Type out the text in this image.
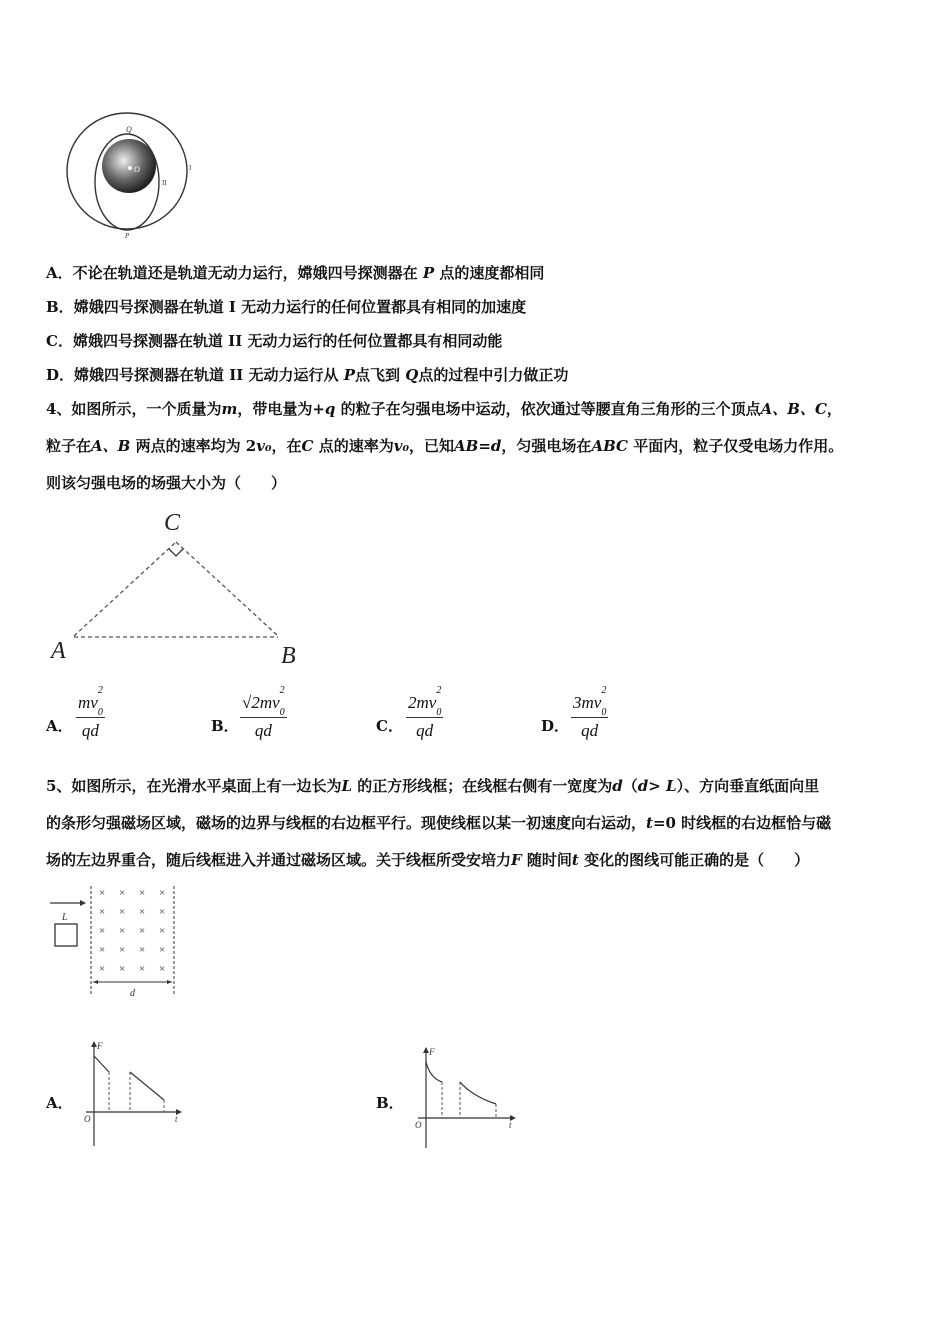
O
Q
P
I
II
A．不论在轨道还是轨道无动力运行，嫦娥四号探测器在 P 点的速度都相同
B．嫦娥四号探测器在轨道 I 无动力运行的任何位置都具有相同的加速度
C．嫦娥四号探测器在轨道 II 无动力运行的任何位置都具有相同动能
D．嫦娥四号探测器在轨道 II 无动力运行从 P点飞到 Q点的过程中引力做正功
4、如图所示，一个质量为m，带电量为+q 的粒子在匀强电场中运动，依次通过等腰直角三角形的三个顶点A、B、C，
粒子在A、B 两点的速率均为 2v₀，在C 点的速率为v₀，已知AB=d，匀强电场在ABC 平面内，粒子仅受电场力作用。
则该匀强电场的场强大小为（　　）
C
A	B
A． mv
2
$_0$
qd	B． √2mv
2
$_0$
qd	C． 2mv
2
$_0$
qd	D． 3mv
2
$_0$
qd
5、如图所示，在光滑水平桌面上有一边长为L 的正方形线框；在线框右侧有一宽度为d（d> L）、方向垂直纸面向里
的条形匀强磁场区域，磁场的边界与线框的右边框平行。现使线框以某一初速度向右运动，t=0 时线框的右边框恰与磁
场的左边界重合，随后线框进入并通过磁场区域。关于线框所受安培力F 随时间t 变化的图线可能正确的是（　　）
L
× × × ×
× × × ×
× × × ×
× × × ×
× × × ×
d
A．
F
O	t
B．
F
O	t
